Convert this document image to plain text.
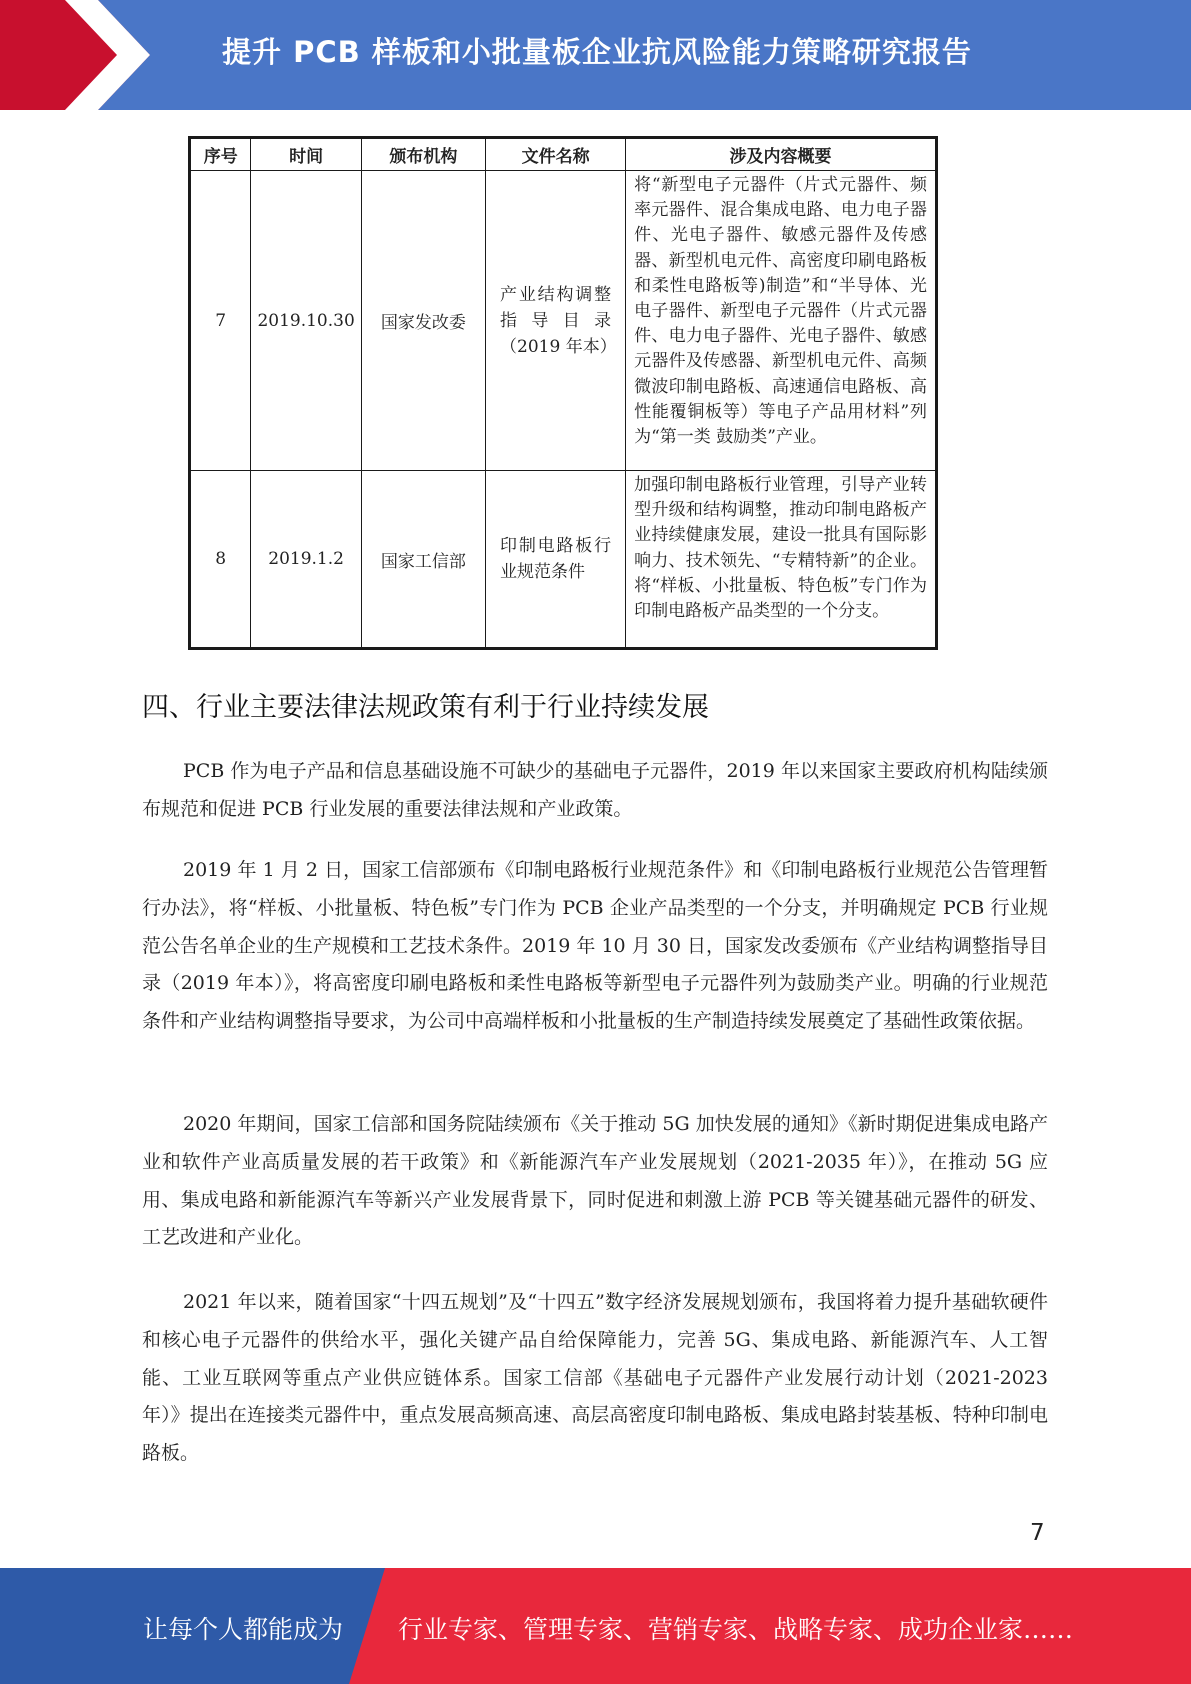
提升 PCB 样板和小批量板企业抗风险能力策略研究报告
序号	时间	颁布机构	文件名称	涉及内容概要
7	2019.10.30	国家发改委	产业结构调整指导目录（2019 年本）	将“新型电子元器件（片式元器件、频率元器件、混合集成电路、电力电子器件、光电子器件、敏感元器件及传感器、新型机电元件、高密度印刷电路板和柔性电路板等)制造”和“半导体、光电子器件、新型电子元器件（片式元器件、电力电子器件、光电子器件、敏感元器件及传感器、新型机电元件、高频微波印制电路板、高速通信电路板、高性能覆铜板等）等电子产品用材料”列为“第一类 鼓励类”产业。
8	2019.1.2	国家工信部	印制电路板行业规范条件	加强印制电路板行业管理，引导产业转型升级和结构调整，推动印制电路板产业持续健康发展，建设一批具有国际影响力、技术领先、“专精特新”的企业。将“样板、小批量板、特色板”专门作为印制电路板产品类型的一个分支。
四、行业主要法律法规政策有利于行业持续发展

PCB 作为电子产品和信息基础设施不可缺少的基础电子元器件，2019 年以来国家主要政府机构陆续颁布规范和促进 PCB 行业发展的重要法律法规和产业政策。

2019 年 1 月 2 日，国家工信部颁布《印制电路板行业规范条件》和《印制电路板行业规范公告管理暂行办法》，将“样板、小批量板、特色板”专门作为 PCB 企业产品类型的一个分支，并明确规定 PCB 行业规范公告名单企业的生产规模和工艺技术条件。2019 年 10 月 30 日，国家发改委颁布《产业结构调整指导目录（2019 年本）》，将高密度印刷电路板和柔性电路板等新型电子元器件列为鼓励类产业。明确的行业规范条件和产业结构调整指导要求，为公司中高端样板和小批量板的生产制造持续发展奠定了基础性政策依据。

2020 年期间，国家工信部和国务院陆续颁布《关于推动 5G 加快发展的通知》《新时期促进集成电路产业和软件产业高质量发展的若干政策》和《新能源汽车产业发展规划（2021-2035 年）》，在推动 5G 应用、集成电路和新能源汽车等新兴产业发展背景下，同时促进和刺激上游 PCB 等关键基础元器件的研发、工艺改进和产业化。

2021 年以来，随着国家“十四五规划”及“十四五”数字经济发展规划颁布，我国将着力提升基础软硬件和核心电子元器件的供给水平，强化关键产品自给保障能力，完善 5G、集成电路、新能源汽车、人工智能、工业互联网等重点产业供应链体系。国家工信部《基础电子元器件产业发展行动计划（2021-2023 年）》提出在连接类元器件中，重点发展高频高速、高层高密度印制电路板、集成电路封装基板、特种印制电路板。

7
让每个人都能成为 行业专家、管理专家、营销专家、战略专家、成功企业家……
